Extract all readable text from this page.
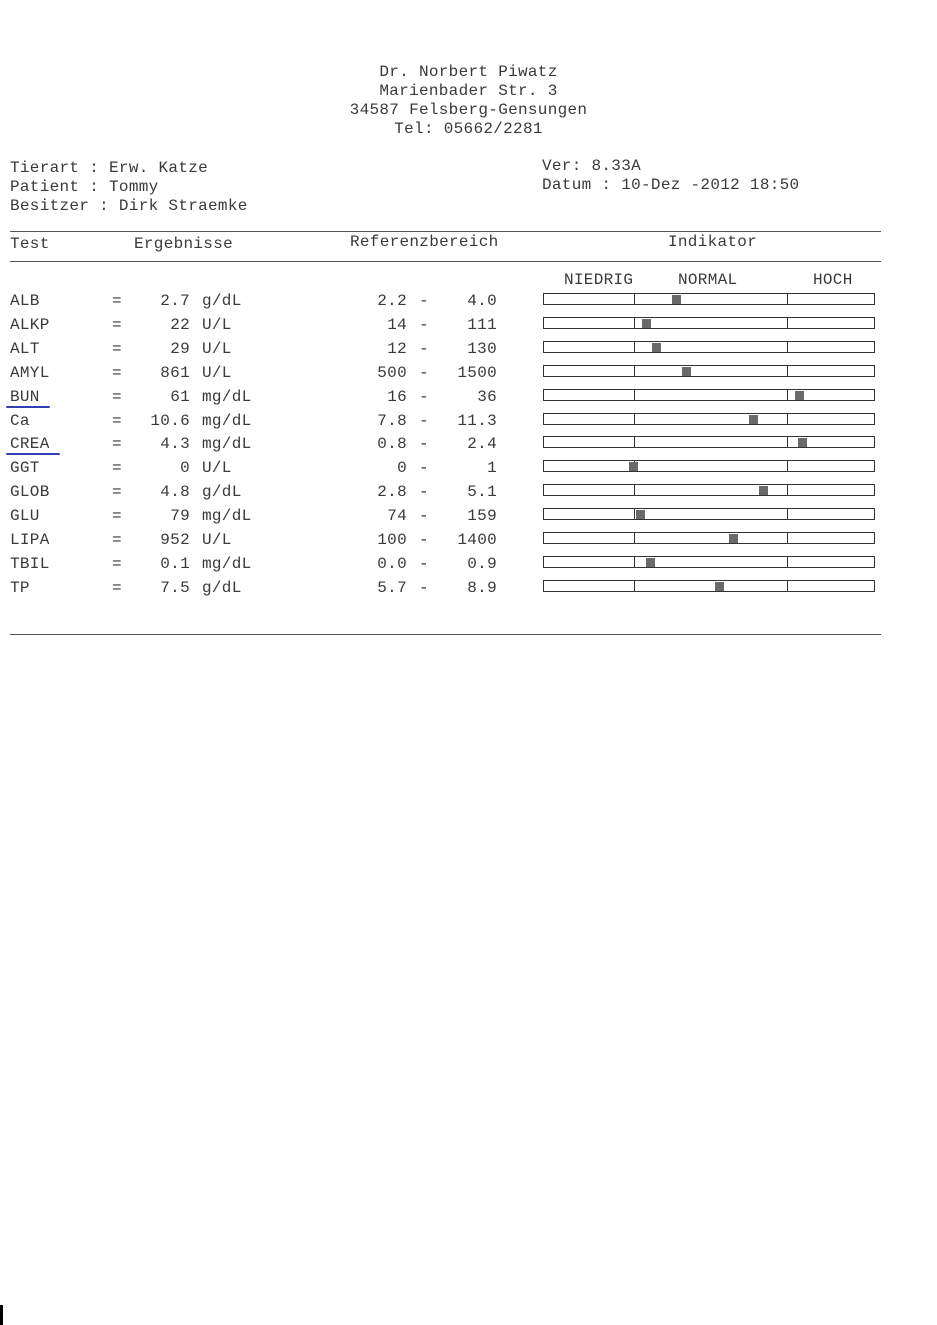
Dr. Norbert Piwatz
Marienbader Str. 3
34587 Felsberg-Gensungen
Tel: 05662/2281
Tierart : Erw. Katze
Patient : Tommy
Besitzer : Dirk Straemke
Ver: 8.33A
Datum : 10-Dez -2012 18:50
Test	Ergebnisse	Referenzbereich	Indikator
NIEDRIG	NORMAL	HOCH
ALB	= 2.7 g/dL	2.2 - 4.0
ALKP	=	22 U/L	14 - 111
ALT	=	29 U/L	12 - 130
AMYL	= 861 U/L	500 - 1500
BUN	=	61 mg/dL	16 -	36
Ca	= 10.6 mg/dL	7.8 - 11.3
CREA	= 4.3 mg/dL	0.8 - 2.4
GGT	=	0 U/L	0 -	1
GLOB	= 4.8 g/dL	2.8 - 5.1
GLU	=	79 mg/dL	74 - 159
LIPA	= 952 U/L	100 - 1400
TBIL	= 0.1 mg/dL	0.0 - 0.9
TP	= 7.5 g/dL	5.7 - 8.9
